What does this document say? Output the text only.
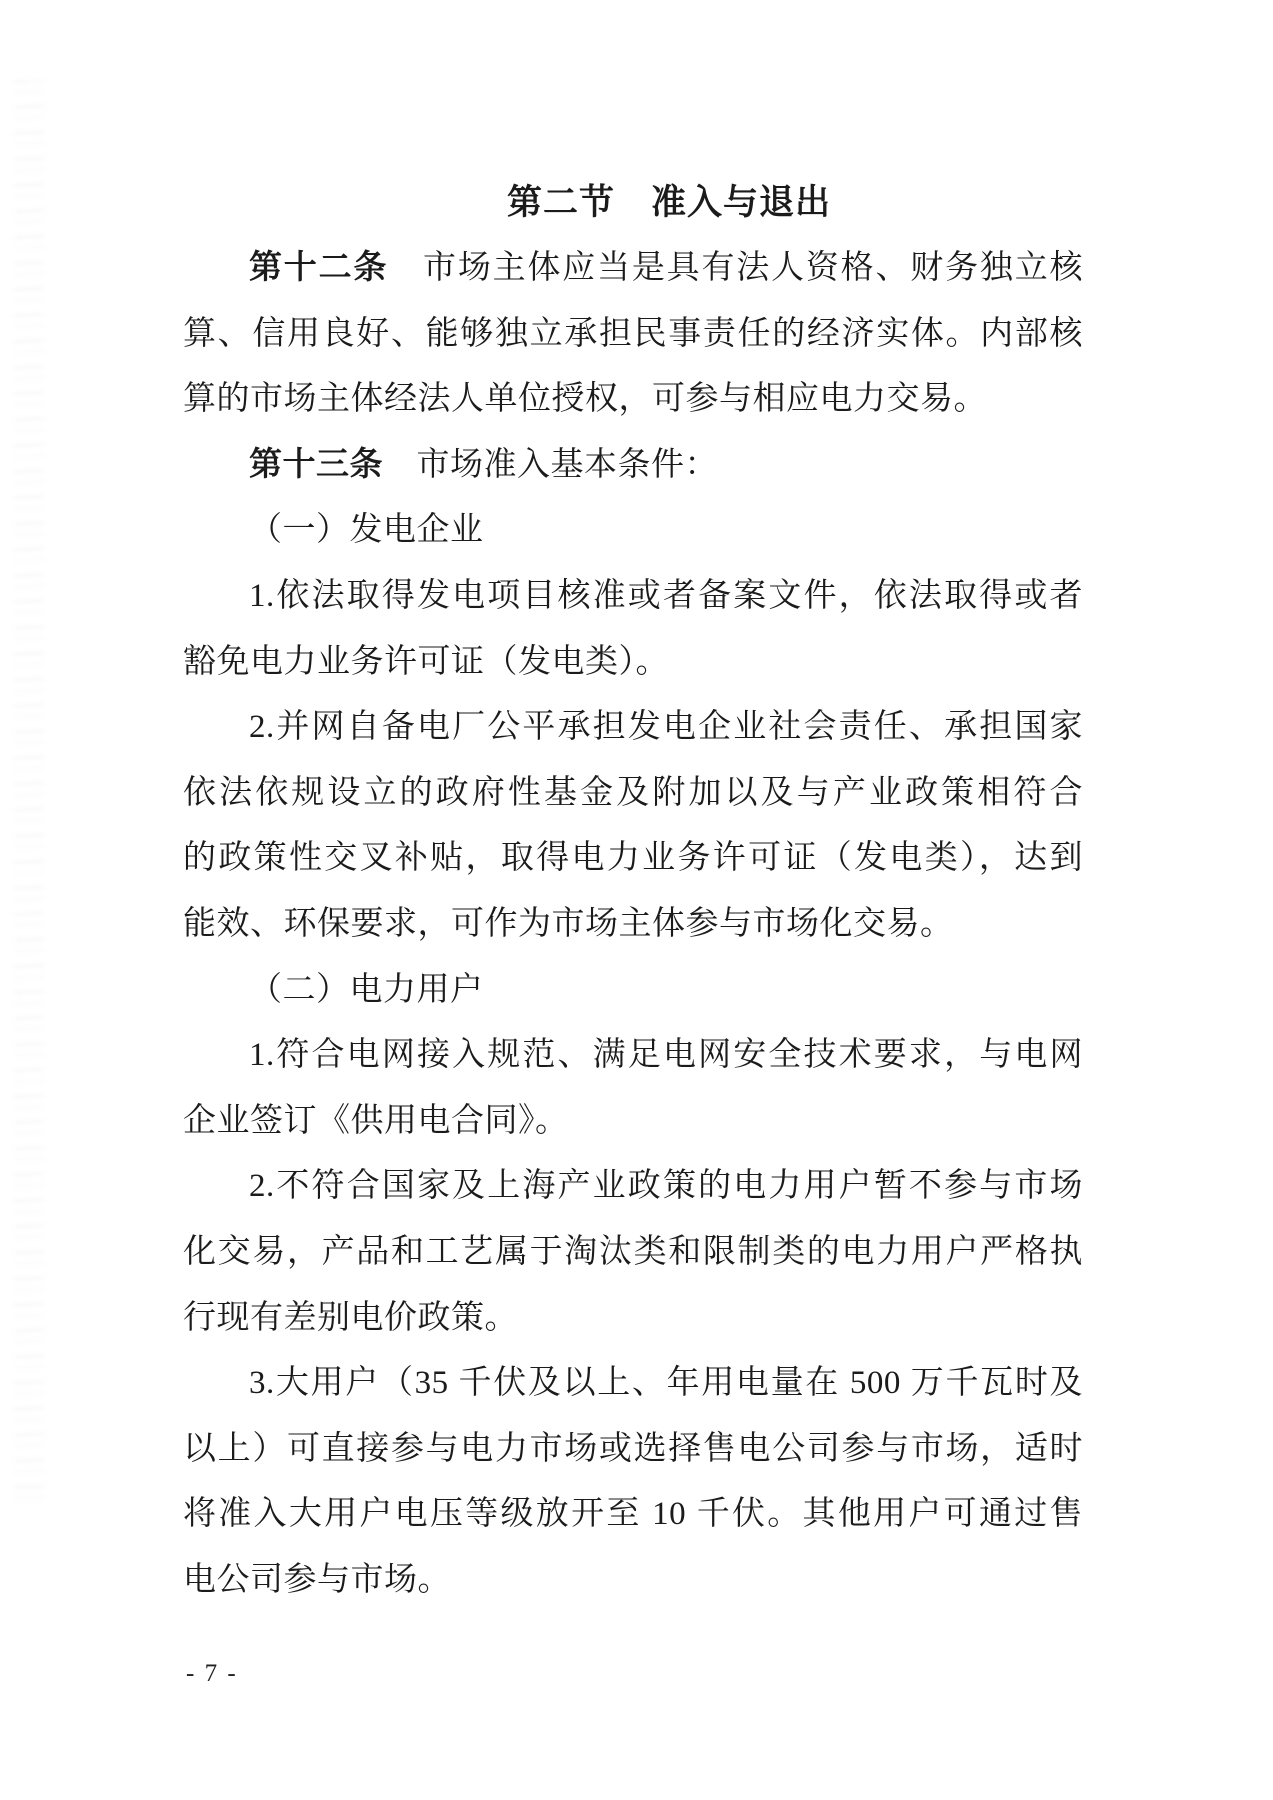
第二节　准入与退出
第十二条　市场主体应当是具有法人资格、财务独立核
算、信用良好、能够独立承担民事责任的经济实体。内部核
算的市场主体经法人单位授权，可参与相应电力交易。
第十三条　市场准入基本条件：
（一）发电企业
1.依法取得发电项目核准或者备案文件，依法取得或者
豁免电力业务许可证（发电类）。
2.并网自备电厂公平承担发电企业社会责任、承担国家
依法依规设立的政府性基金及附加以及与产业政策相符合
的政策性交叉补贴，取得电力业务许可证（发电类），达到
能效、环保要求，可作为市场主体参与市场化交易。
（二）电力用户
1.符合电网接入规范、满足电网安全技术要求，与电网
企业签订《供用电合同》。
2.不符合国家及上海产业政策的电力用户暂不参与市场
化交易，产品和工艺属于淘汰类和限制类的电力用户严格执
行现有差别电价政策。
3.大用户（35 千伏及以上、年用电量在 500 万千瓦时及
以上）可直接参与电力市场或选择售电公司参与市场，适时
将准入大用户电压等级放开至 10 千伏。其他用户可通过售
电公司参与市场。
- 7 -
